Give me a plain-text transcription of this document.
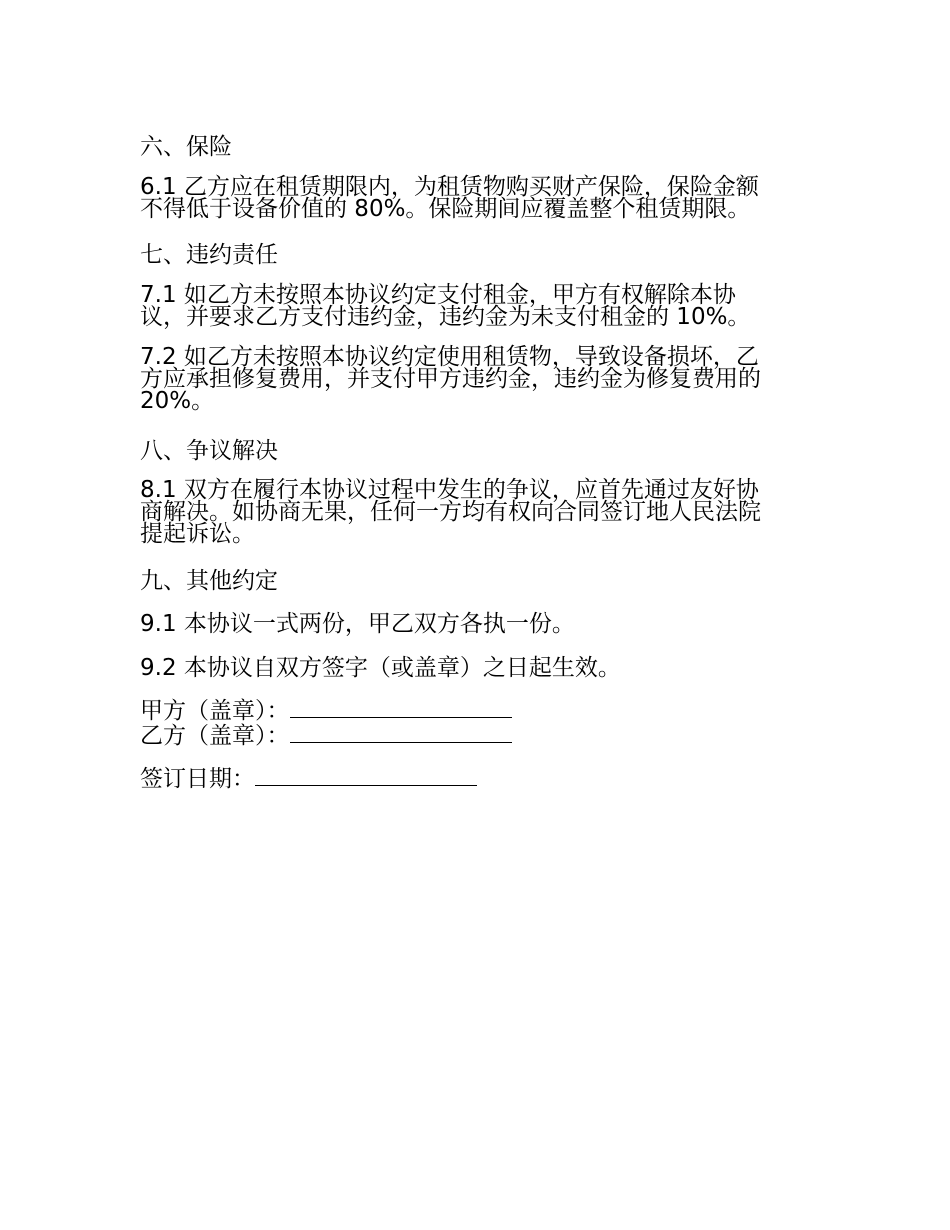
六、保险
6.1 乙方应在租赁期限内，为租赁物购买财产保险，保险金额
不得低于设备价值的 80%。保险期间应覆盖整个租赁期限。
七、违约责任
7.1 如乙方未按照本协议约定支付租金，甲方有权解除本协
议，并要求乙方支付违约金，违约金为未支付租金的 10%。
7.2 如乙方未按照本协议约定使用租赁物，导致设备损坏，乙
方应承担修复费用，并支付甲方违约金，违约金为修复费用的
20%。
八、争议解决
8.1 双方在履行本协议过程中发生的争议，应首先通过友好协
商解决。如协商无果，任何一方均有权向合同签订地人民法院
提起诉讼。
九、其他约定
9.1 本协议一式两份，甲乙双方各执一份。
9.2 本协议自双方签字（或盖章）之日起生效。
甲方（盖章）：
乙方（盖章）：
签订日期：
